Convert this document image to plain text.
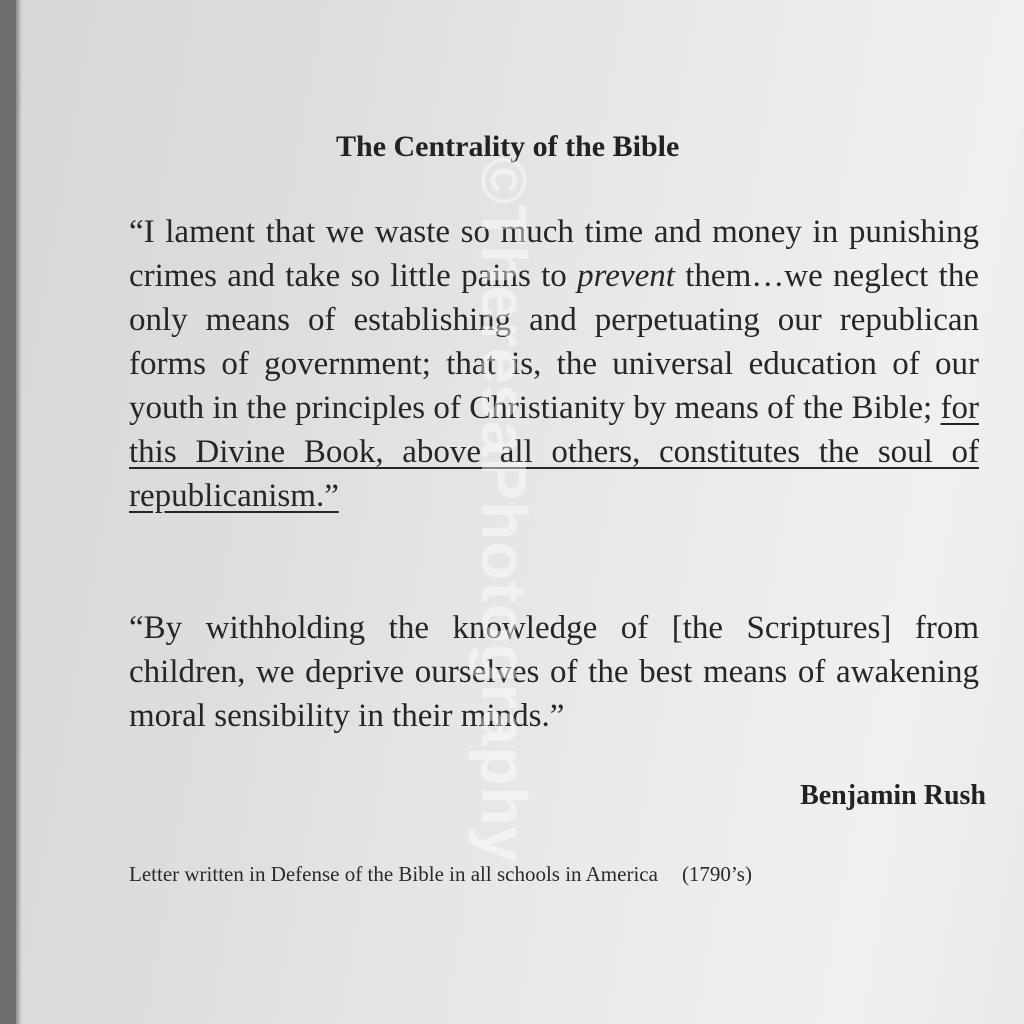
The Centrality of the Bible
“I lament that we waste so much time and money in punishing crimes and take so little pains to prevent them…we neglect the only means of establishing and perpetuating our republican forms of government; that is, the universal education of our youth in the principles of Christianity by means of the Bible; for this Divine Book, above all others, constitutes the soul of republicanism.”
“By withholding the knowledge of [the Scriptures] from children, we deprive ourselves of the best means of awakening moral sensibility in their minds.”
Benjamin Rush
Letter written in Defense of the Bible in all schools in America (1790’s)
©TheresaPhotography
